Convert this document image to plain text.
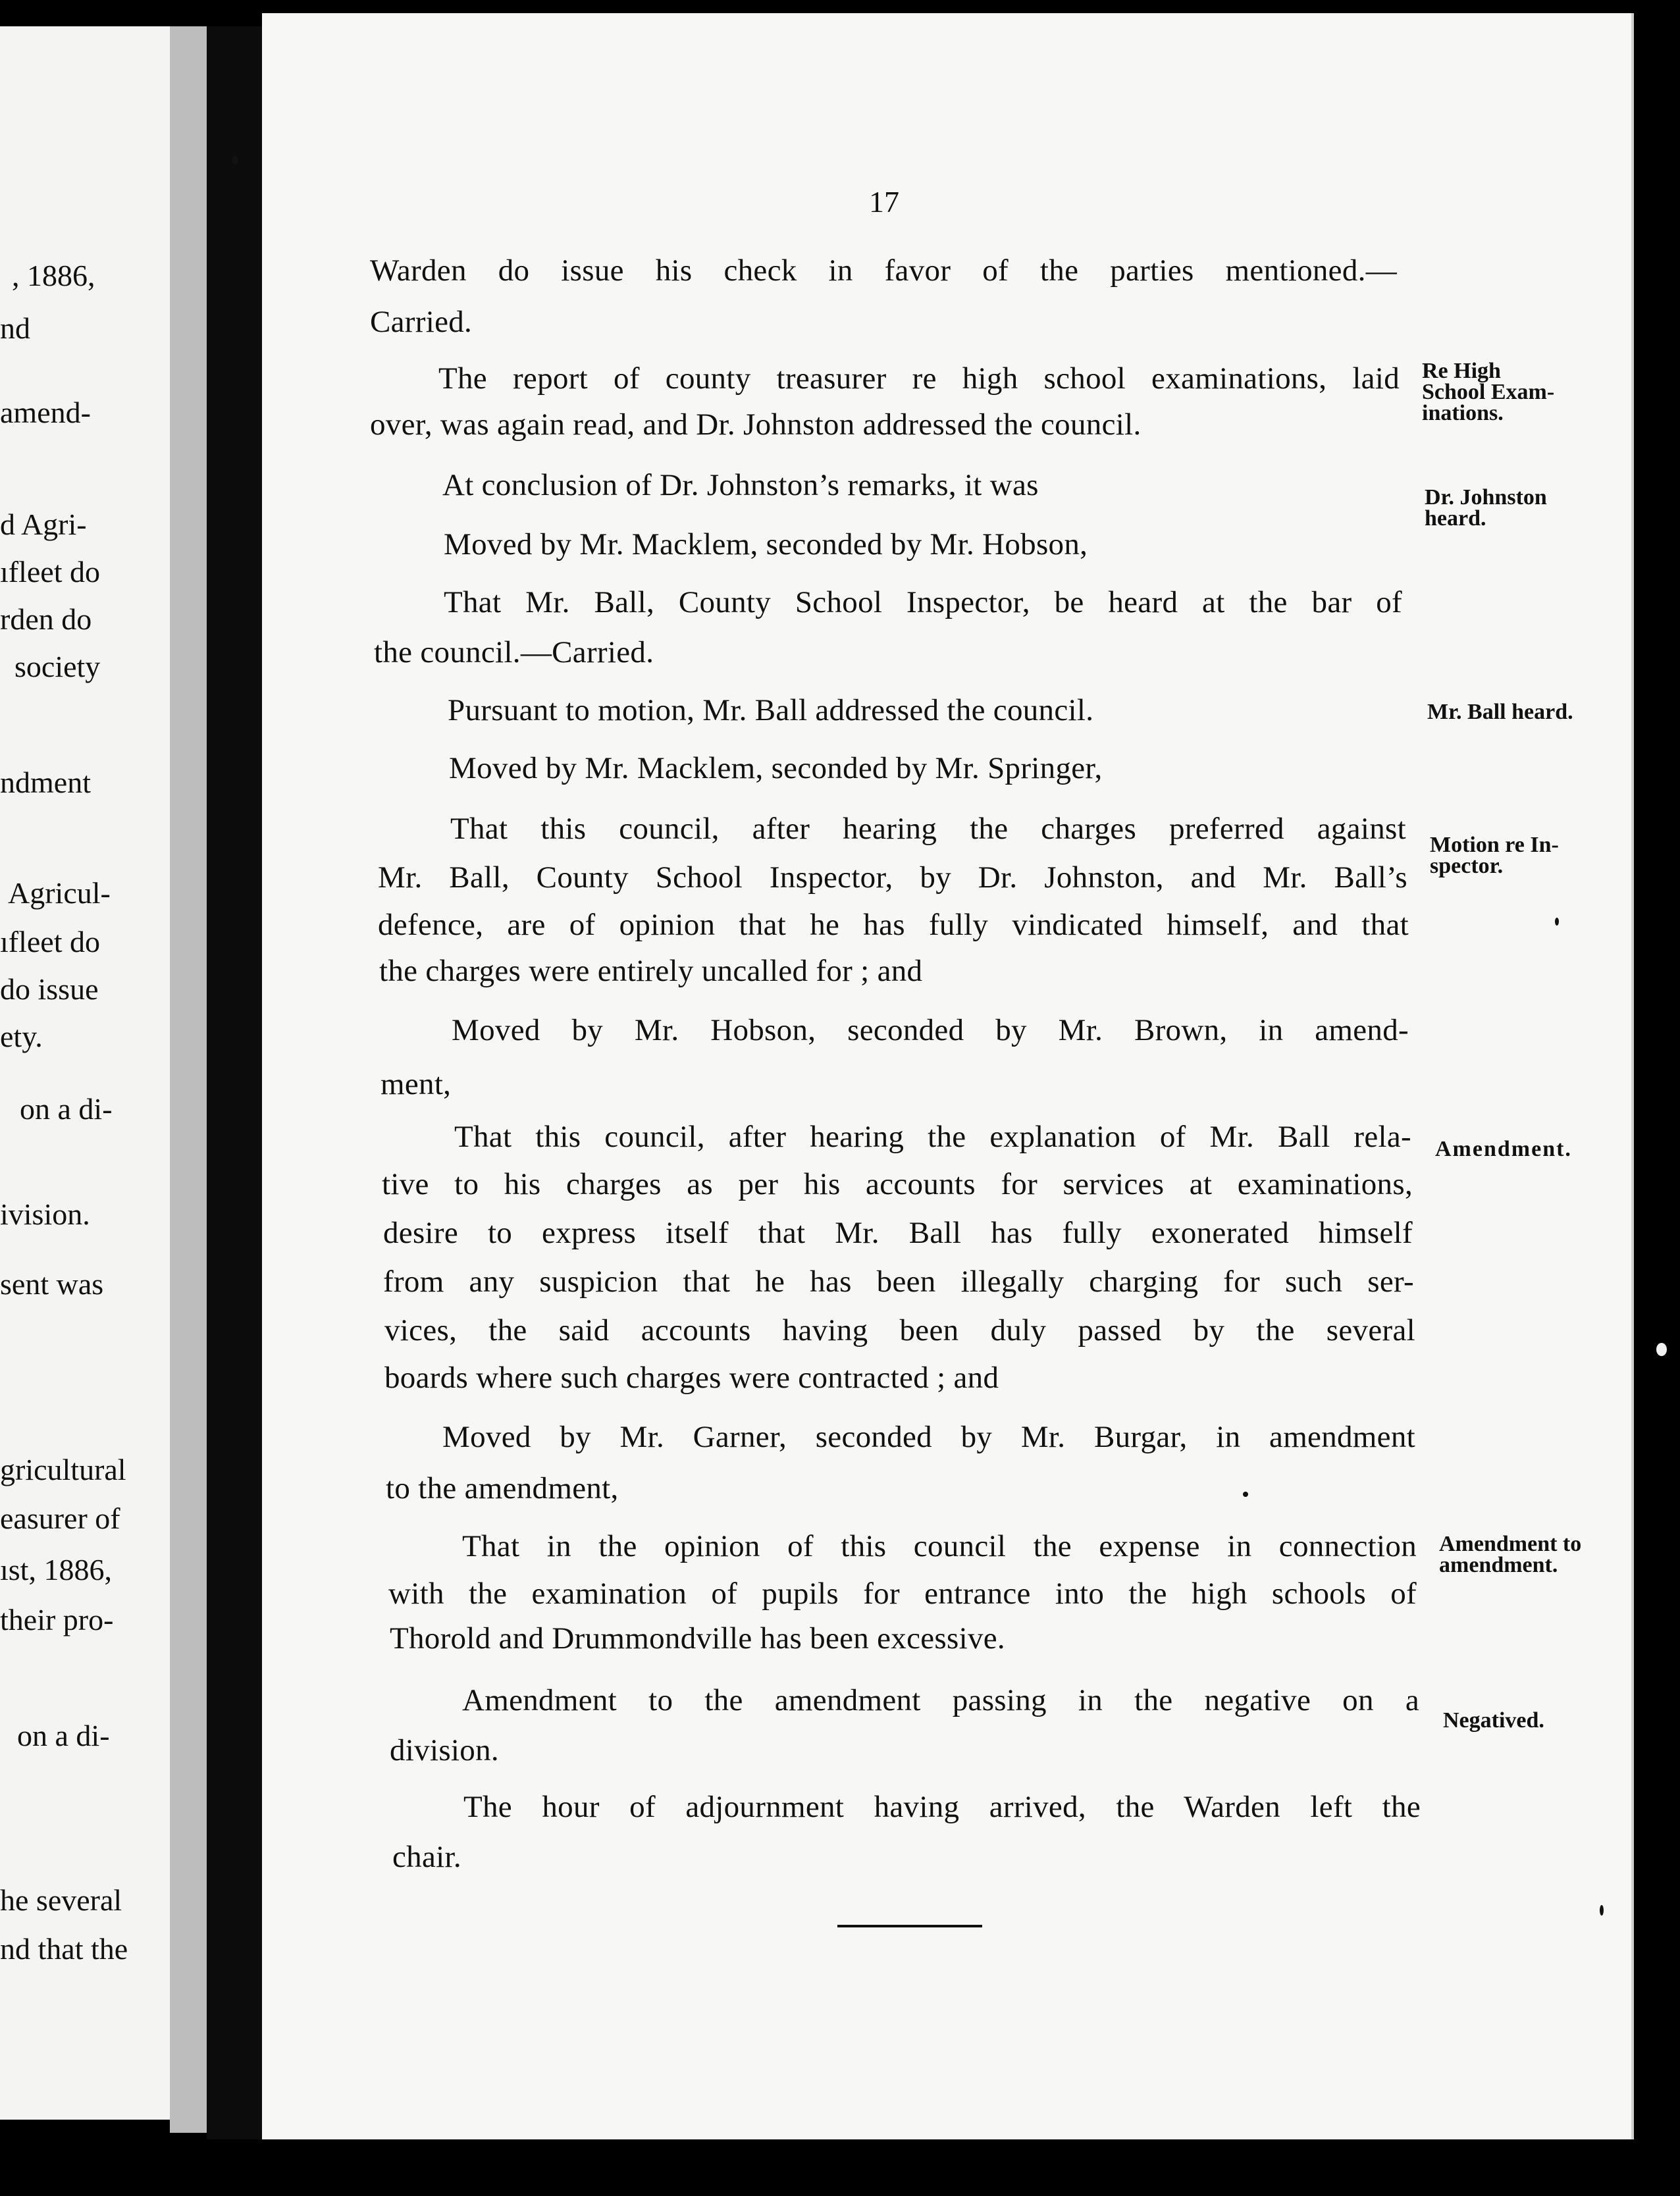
, 1886,
nd
amend-
d Agri-
ıfleet do
rden do
society
ndment
Agricul-
ıfleet do
do issue
ety.
on a di-
ivision.
sent was
gricultural
easurer of
ıst, 1886,
their pro-
on a di-
he several
nd that the
17
Warden do issue his check in favor of the parties mentioned.—
Carried.
The report of county treasurer re high school examinations, laid
over, was again read, and Dr. Johnston addressed the council.
At conclusion of Dr. Johnston’s remarks, it was
Moved by Mr. Macklem, seconded by Mr. Hobson,
That Mr. Ball, County School Inspector, be heard at the bar of
the council.—Carried.
Pursuant to motion, Mr. Ball addressed the council.
Moved by Mr. Macklem, seconded by Mr. Springer,
That this council, after hearing the charges preferred against
Mr. Ball, County School Inspector, by Dr. Johnston, and Mr. Ball’s
defence, are of opinion that he has fully vindicated himself, and that
the charges were entirely uncalled for ; and
Moved by Mr. Hobson, seconded by Mr. Brown, in amend-
ment,
That this council, after hearing the explanation of Mr. Ball rela-
tive to his charges as per his accounts for services at examinations,
desire to express itself that Mr. Ball has fully exonerated himself
from any suspicion that he has been illegally charging for such ser-
vices, the said accounts having been duly passed by the several
boards where such charges were contracted ; and
Moved by Mr. Garner, seconded by Mr. Burgar, in amendment
to the amendment,
That in the opinion of this council the expense in connection
with the examination of pupils for entrance into the high schools of
Thorold and Drummondville has been excessive.
Amendment to the amendment passing in the negative on a
division.
The hour of adjournment having arrived, the Warden left the
chair.
Re High
School Exam-
inations.
Dr. Johnston
heard.
Mr. Ball heard.
Motion re In-
spector.
Amendment.
Amendment to
amendment.
Negatived.
